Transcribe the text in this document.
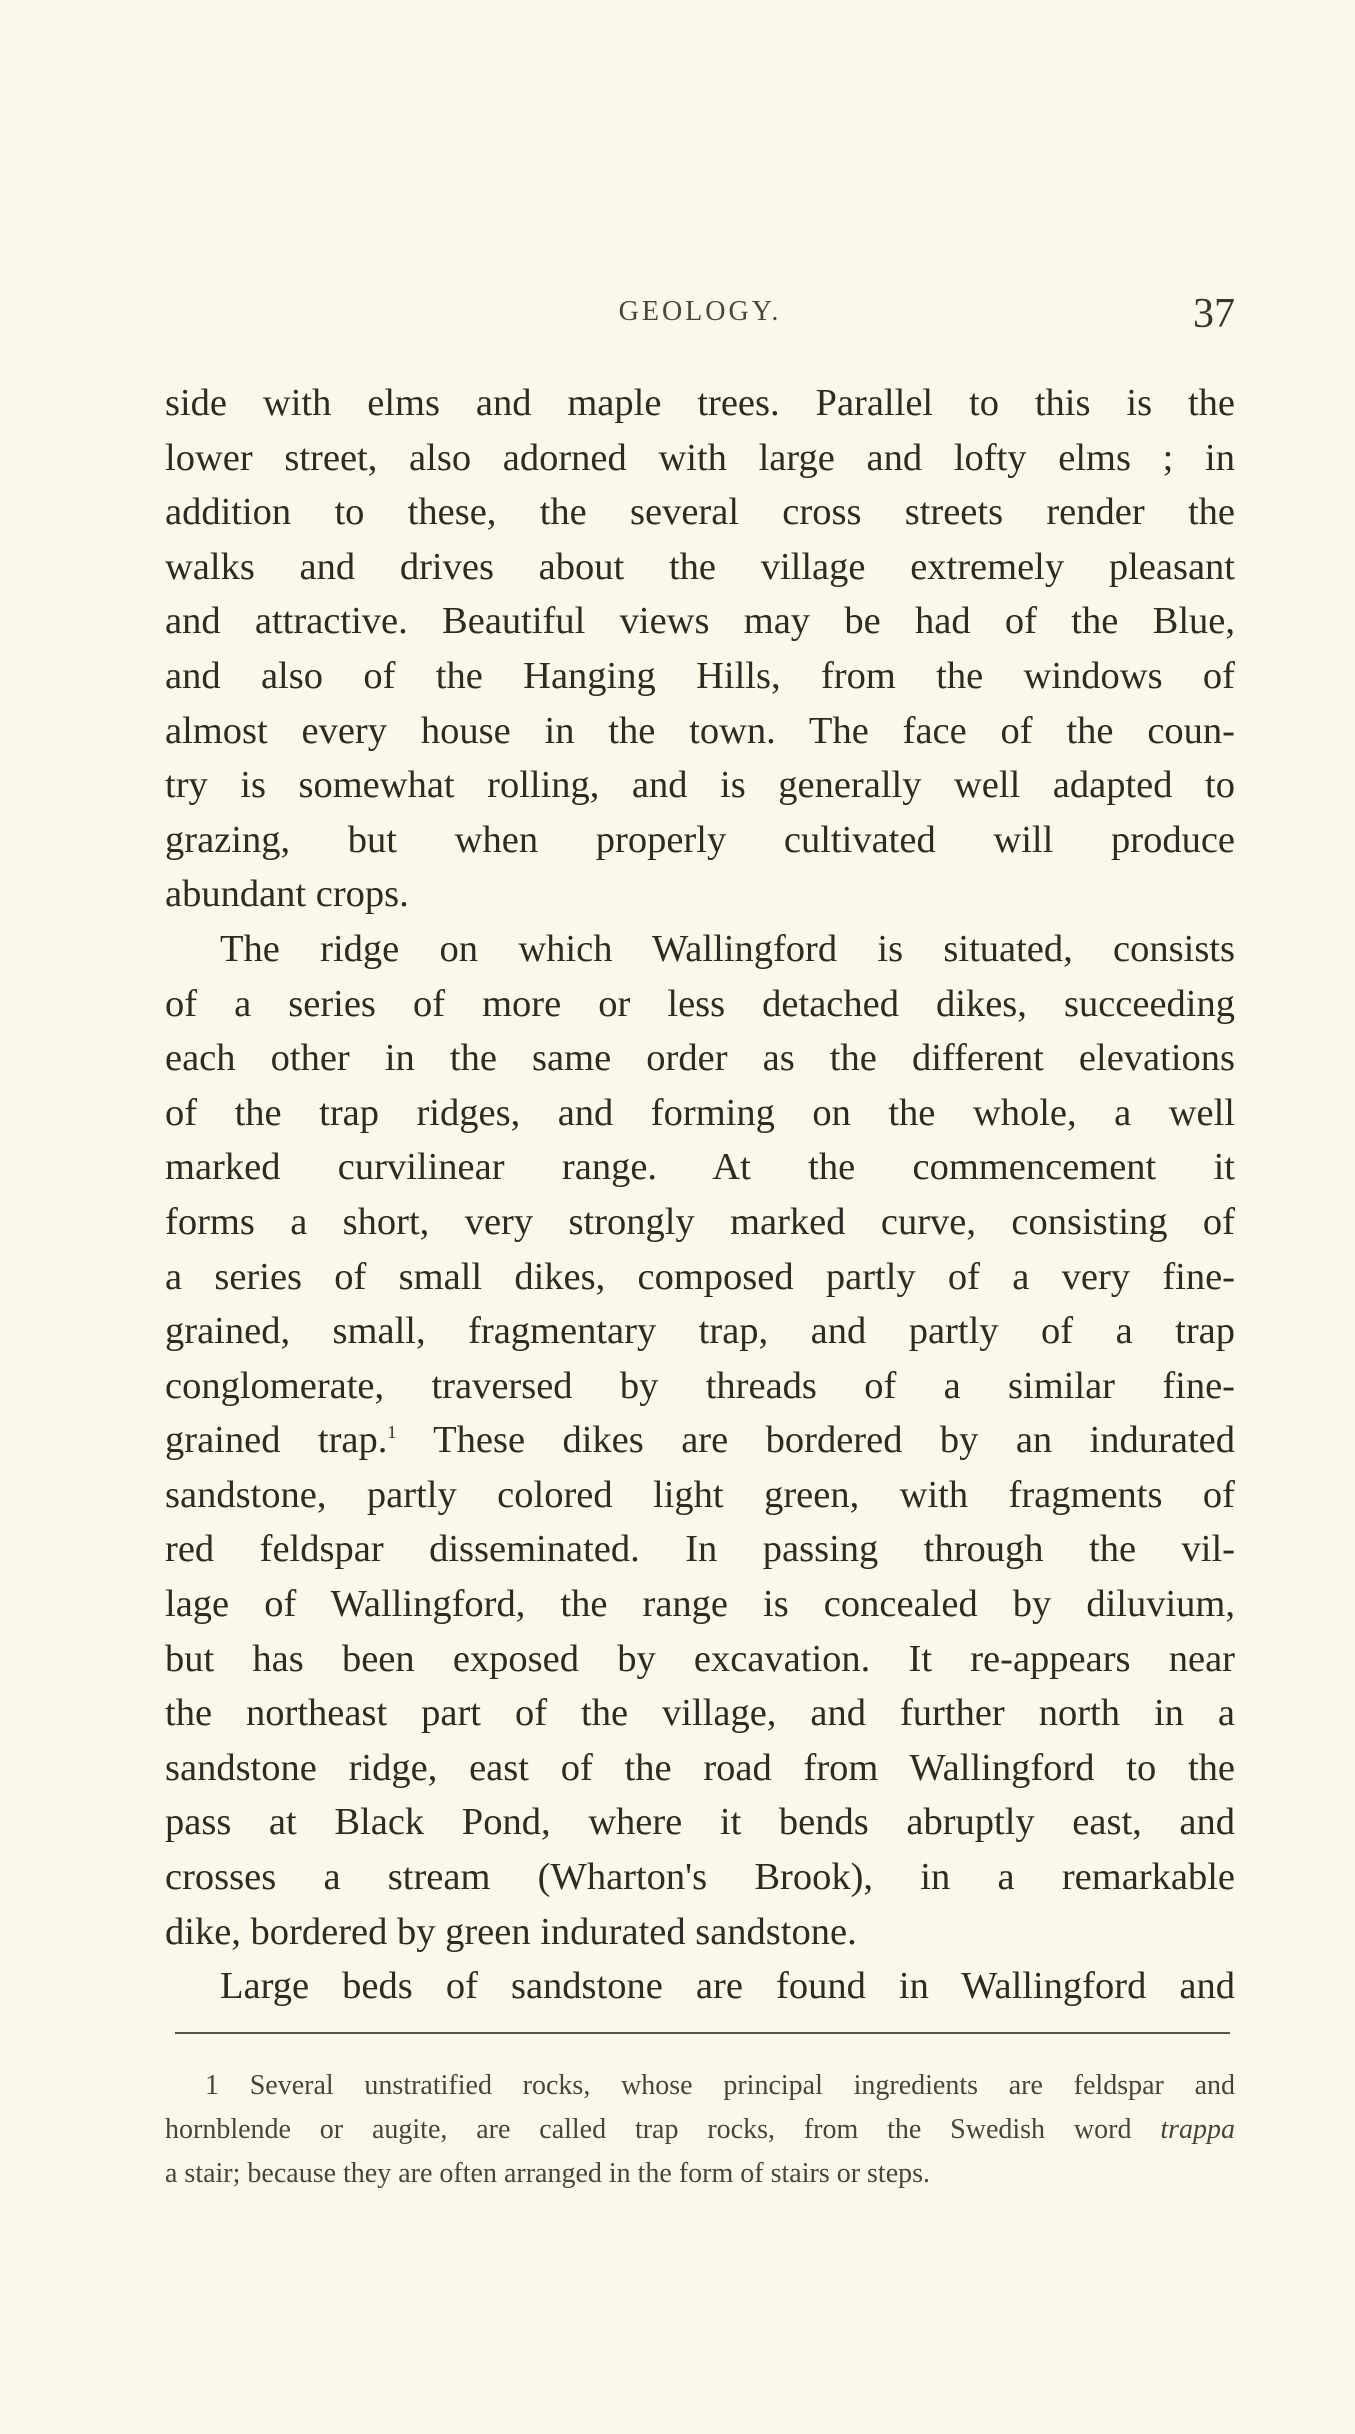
GEOLOGY.	37
side with elms and maple trees. Parallel to this is the
lower street, also adorned with large and lofty elms ; in
addition to these, the several cross streets render the
walks and drives about the village extremely pleasant
and attractive. Beautiful views may be had of the Blue,
and also of the Hanging Hills, from the windows of
almost every house in the town. The face of the coun-
try is somewhat rolling, and is generally well adapted to
grazing, but when properly cultivated will produce
abundant crops.
The ridge on which Wallingford is situated, consists
of a series of more or less detached dikes, succeeding
each other in the same order as the different elevations
of the trap ridges, and forming on the whole, a well
marked curvilinear range. At the commencement it
forms a short, very strongly marked curve, consisting of
a series of small dikes, composed partly of a very fine-
grained, small, fragmentary trap, and partly of a trap
conglomerate, traversed by threads of a similar fine-
grained trap.$^1$ These dikes are bordered by an indurated
sandstone, partly colored light green, with fragments of
red feldspar disseminated. In passing through the vil-
lage of Wallingford, the range is concealed by diluvium,
but has been exposed by excavation. It re-appears near
the northeast part of the village, and further north in a
sandstone ridge, east of the road from Wallingford to the
pass at Black Pond, where it bends abruptly east, and
crosses a stream (Wharton's Brook), in a remarkable
dike, bordered by green indurated sandstone.
Large beds of sandstone are found in Wallingford and
1 Several unstratified rocks, whose principal ingredients are feldspar and
hornblende or augite, are called trap rocks, from the Swedish word trappa
a stair; because they are often arranged in the form of stairs or steps.
